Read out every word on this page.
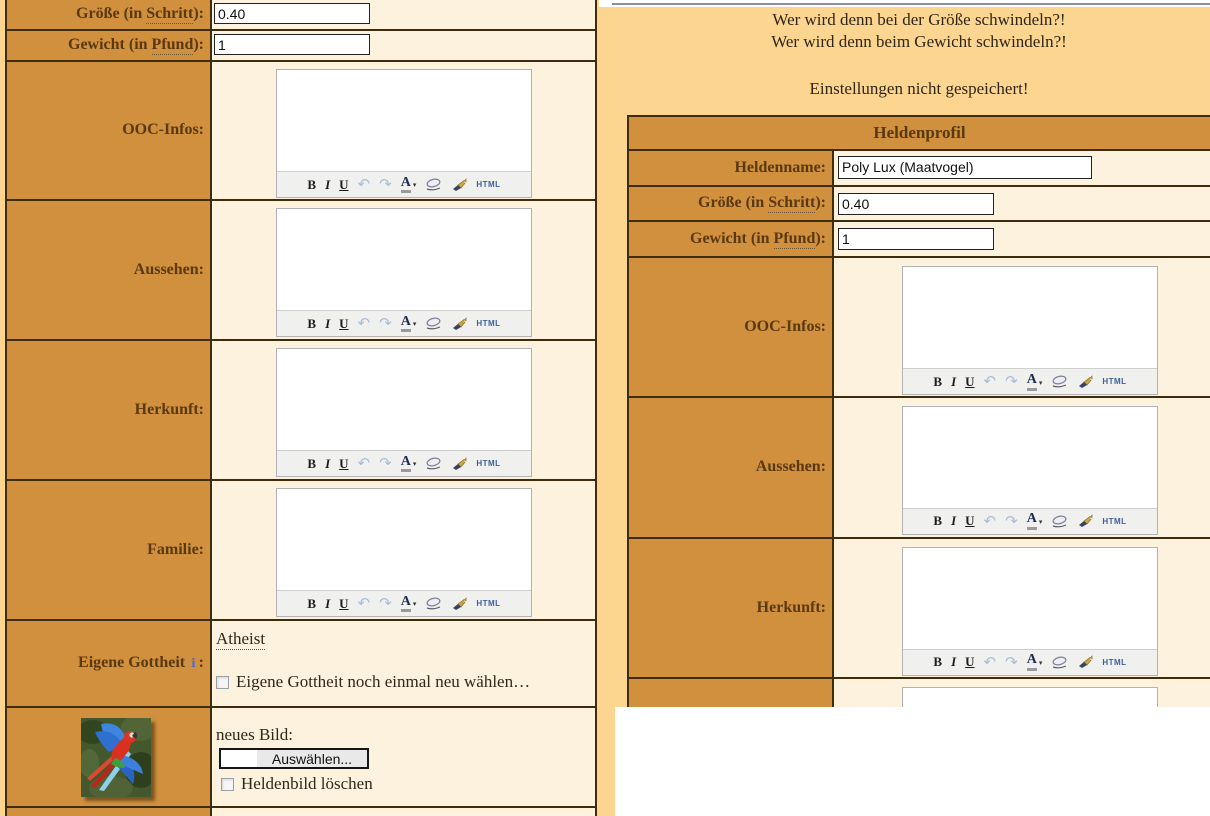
Größe (in Schritt):
0.40
Gewicht (in Pfund):
1
OOC-Infos:
B I U ↶ ↷ A ▾	HTML
Aussehen:
B I U ↶ ↷ A ▾	HTML
Herkunft:
B I U ↶ ↷ A ▾	HTML
Familie:
B I U ↶ ↷ A ▾	HTML
Eigene Gottheit ℹ :
Atheist
Eigene Gottheit noch einmal neu wählen…
neues Bild:
Auswählen...
Heldenbild löschen
Wer wird denn bei der Größe schwindeln?!
Wer wird denn beim Gewicht schwindeln?!
Einstellungen nicht gespeichert!
Heldenprofil
Heldenname:
Poly Lux (Maatvogel)
Größe (in Schritt):
0.40
Gewicht (in Pfund):
1
OOC-Infos:
B I U ↶ ↷ A ▾	HTML
Aussehen:
B I U ↶ ↷ A ▾	HTML
Herkunft:
B I U ↶ ↷ A ▾	HTML
